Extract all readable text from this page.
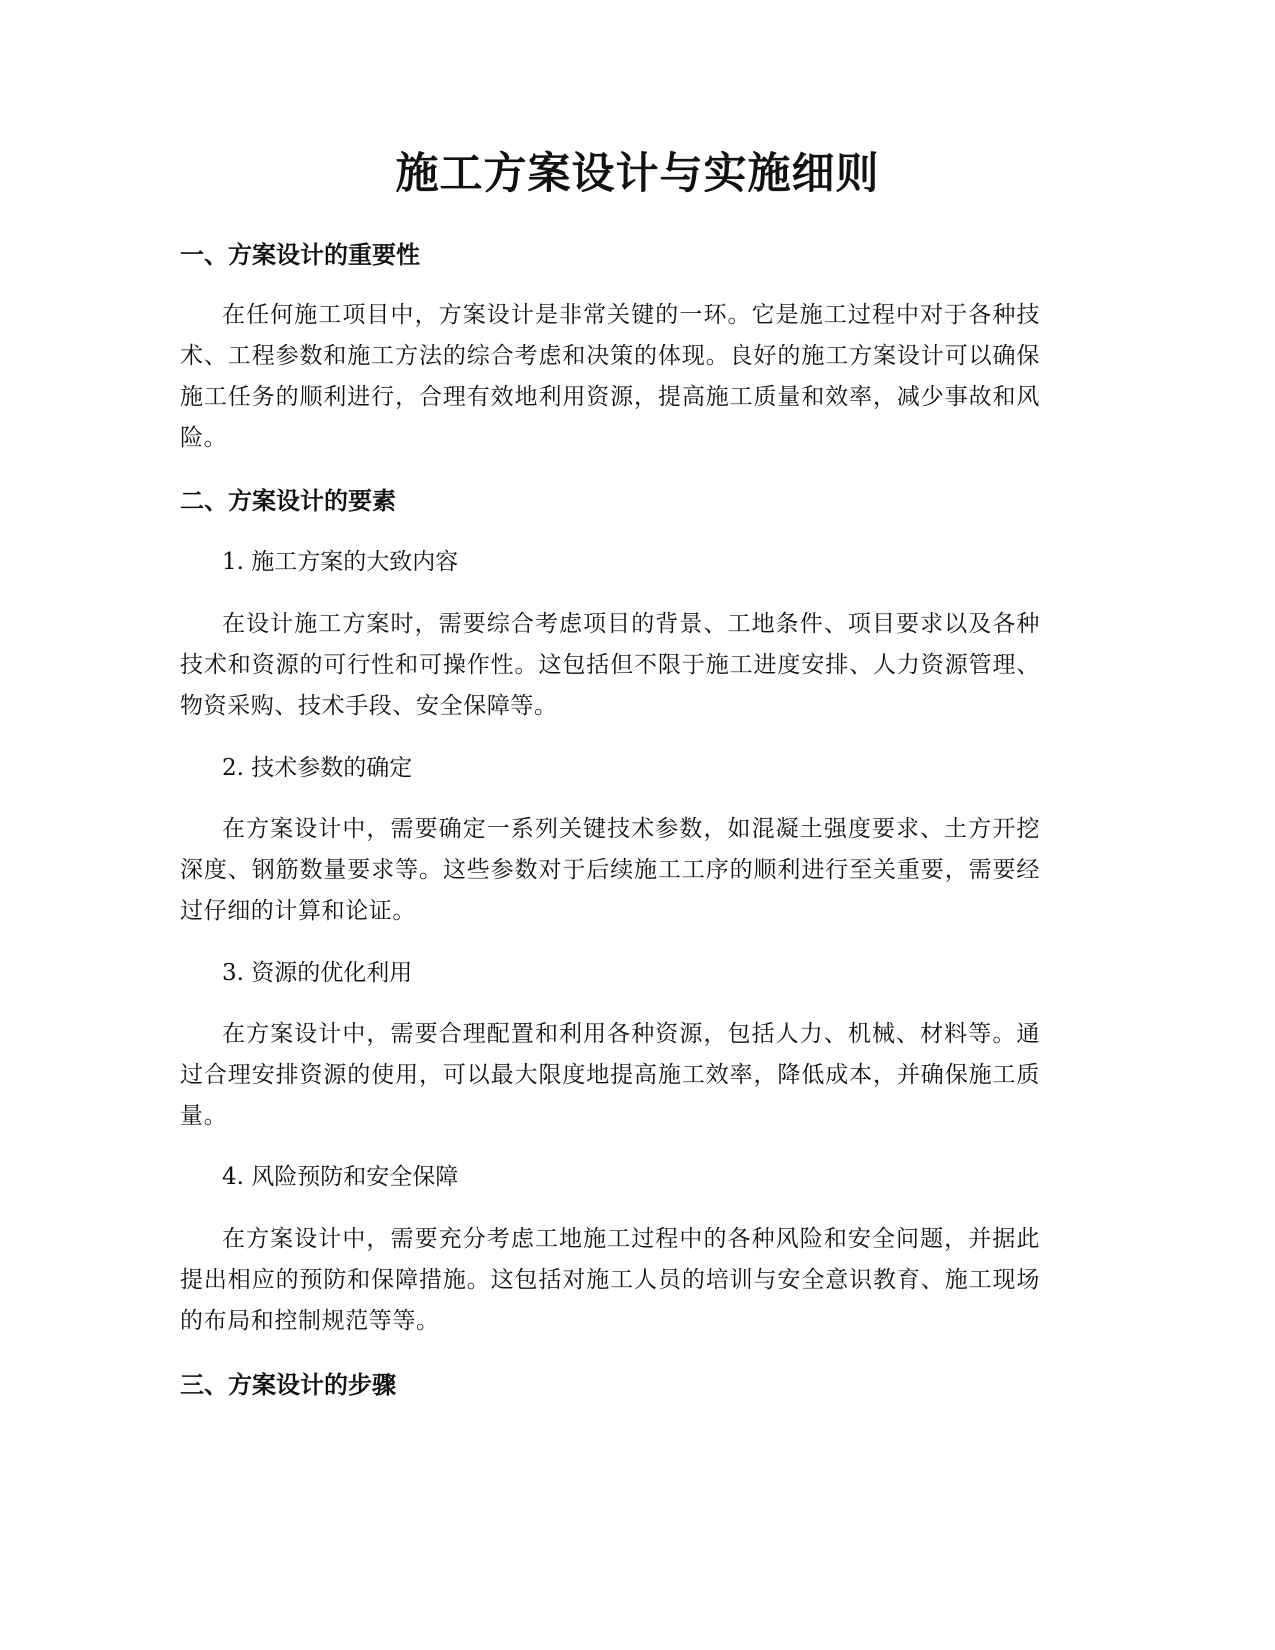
施工方案设计与实施细则
一、方案设计的重要性
在任何施工项目中，方案设计是非常关键的一环。它是施工过程中对于各种技术、工程参数和施工方法的综合考虑和决策的体现。良好的施工方案设计可以确保施工任务的顺利进行，合理有效地利用资源，提高施工质量和效率，减少事故和风险。
二、方案设计的要素
1. 施工方案的大致内容
在设计施工方案时，需要综合考虑项目的背景、工地条件、项目要求以及各种技术和资源的可行性和可操作性。这包括但不限于施工进度安排、人力资源管理、物资采购、技术手段、安全保障等。
2. 技术参数的确定
在方案设计中，需要确定一系列关键技术参数，如混凝土强度要求、土方开挖深度、钢筋数量要求等。这些参数对于后续施工工序的顺利进行至关重要，需要经过仔细的计算和论证。
3. 资源的优化利用
在方案设计中，需要合理配置和利用各种资源，包括人力、机械、材料等。通过合理安排资源的使用，可以最大限度地提高施工效率，降低成本，并确保施工质量。
4. 风险预防和安全保障
在方案设计中，需要充分考虑工地施工过程中的各种风险和安全问题，并据此提出相应的预防和保障措施。这包括对施工人员的培训与安全意识教育、施工现场的布局和控制规范等等。
三、方案设计的步骤
